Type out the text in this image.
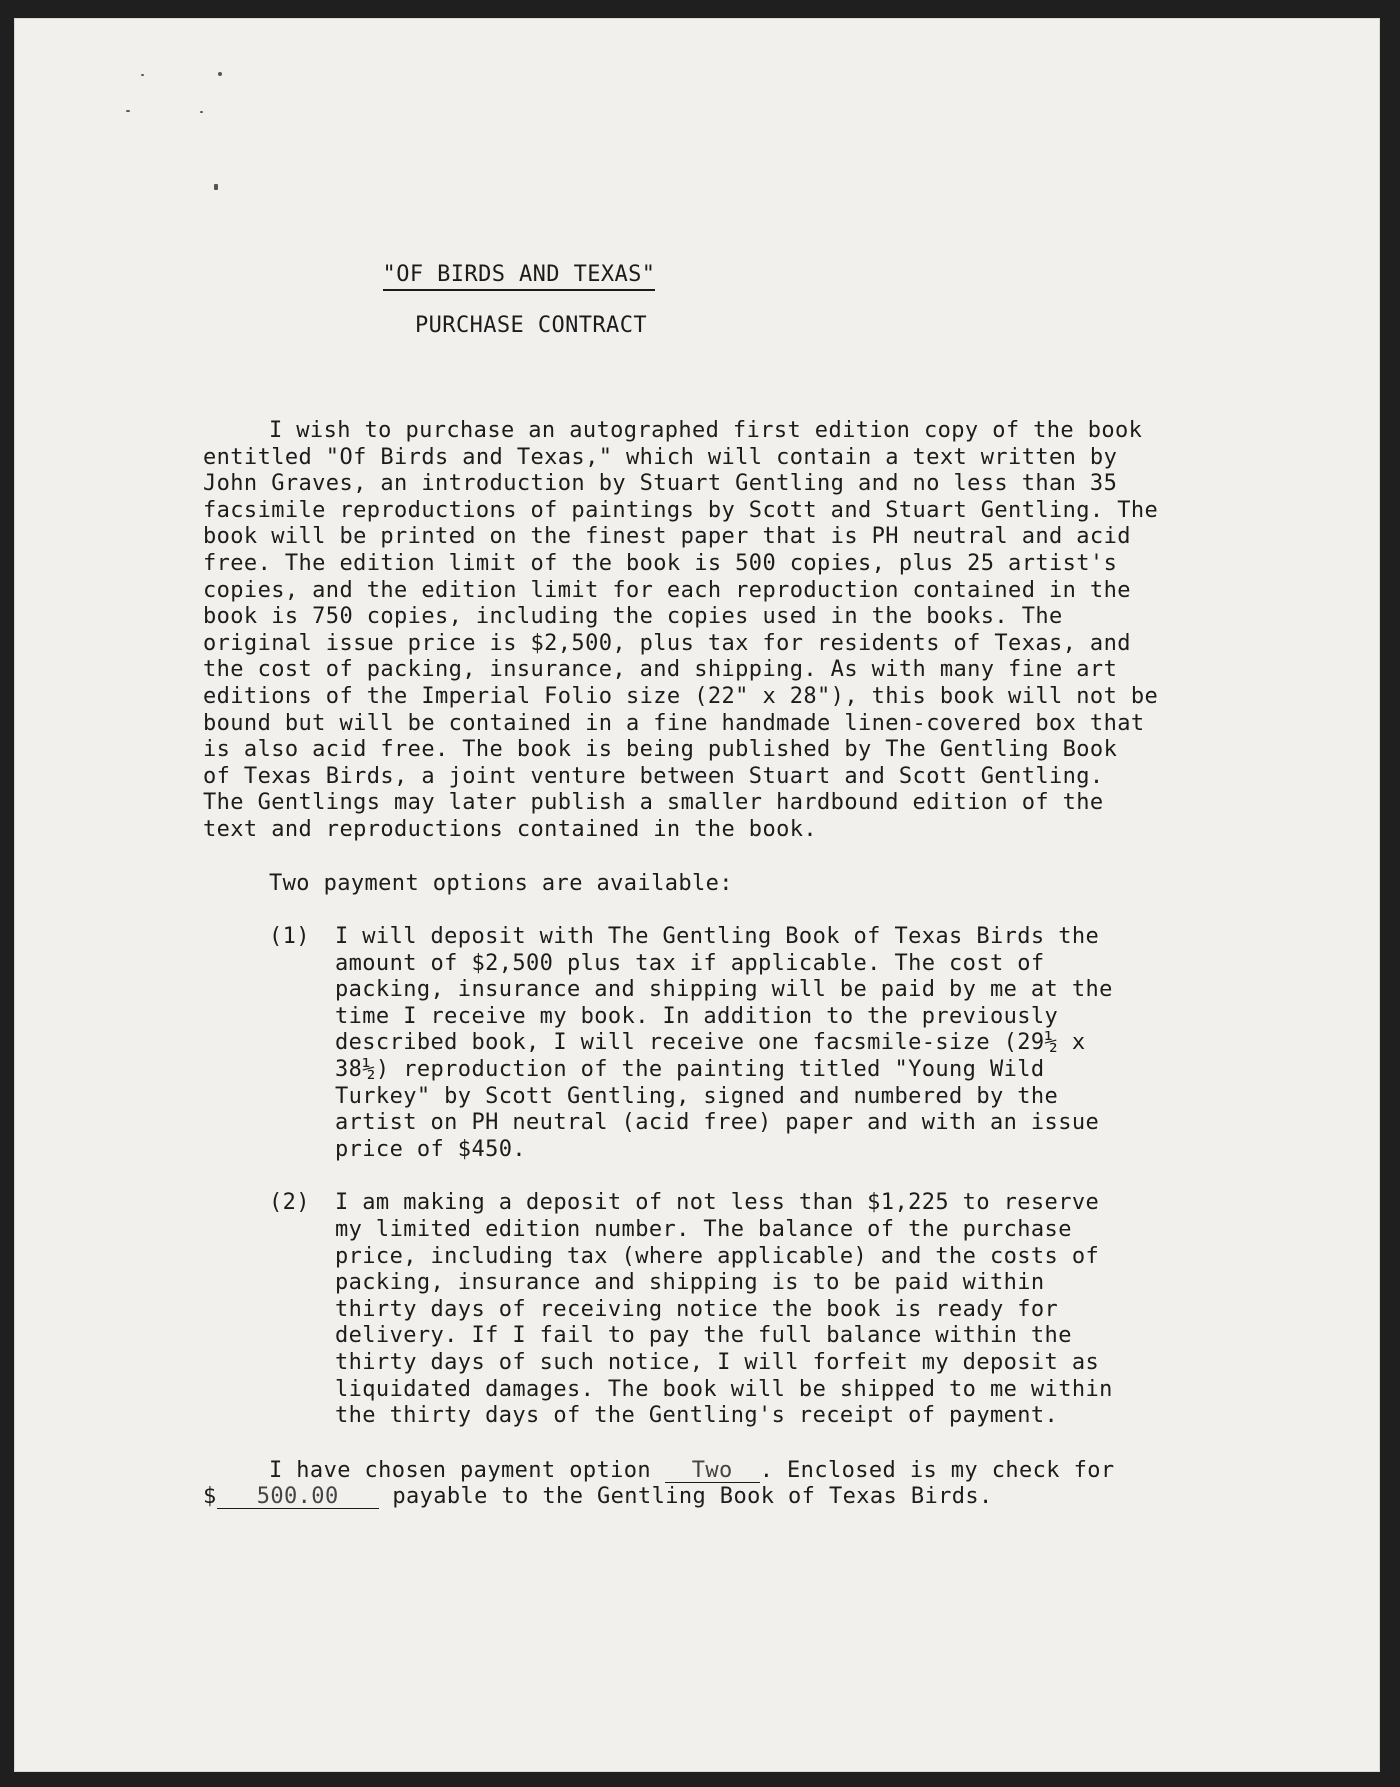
"OF BIRDS AND TEXAS"
PURCHASE CONTRACT

I wish to purchase an autographed first edition copy of the book
entitled "Of Birds and Texas," which will contain a text written by
John Graves, an introduction by Stuart Gentling and no less than 35
facsimile reproductions of paintings by Scott and Stuart Gentling. The
book will be printed on the finest paper that is PH neutral and acid
free. The edition limit of the book is 500 copies, plus 25 artist's
copies, and the edition limit for each reproduction contained in the
book is 750 copies, including the copies used in the books. The
original issue price is $2,500, plus tax for residents of Texas, and
the cost of packing, insurance, and shipping. As with many fine art
editions of the Imperial Folio size (22" x 28"), this book will not be
bound but will be contained in a fine handmade linen-covered box that
is also acid free. The book is being published by The Gentling Book
of Texas Birds, a joint venture between Stuart and Scott Gentling.
The Gentlings may later publish a smaller hardbound edition of the
text and reproductions contained in the book.

Two payment options are available:

(1)	I will deposit with The Gentling Book of Texas Birds the
amount of $2,500 plus tax if applicable. The cost of
packing, insurance and shipping will be paid by me at the
time I receive my book. In addition to the previously
described book, I will receive one facsmile-size (29½ x
38½) reproduction of the painting titled "Young Wild
Turkey" by Scott Gentling, signed and numbered by the
artist on PH neutral (acid free) paper and with an issue
price of $450.
(2)	I am making a deposit of not less than $1,225 to reserve
my limited edition number. The balance of the purchase
price, including tax (where applicable) and the costs of
packing, insurance and shipping is to be paid within
thirty days of receiving notice the book is ready for
delivery. If I fail to pay the full balance within the
thirty days of such notice, I will forfeit my deposit as
liquidated damages. The book will be shipped to me within
the thirty days of the Gentling's receipt of payment.
I have chosen payment option Two . Enclosed is my check for
$ 500.00 payable to the Gentling Book of Texas Birds.
